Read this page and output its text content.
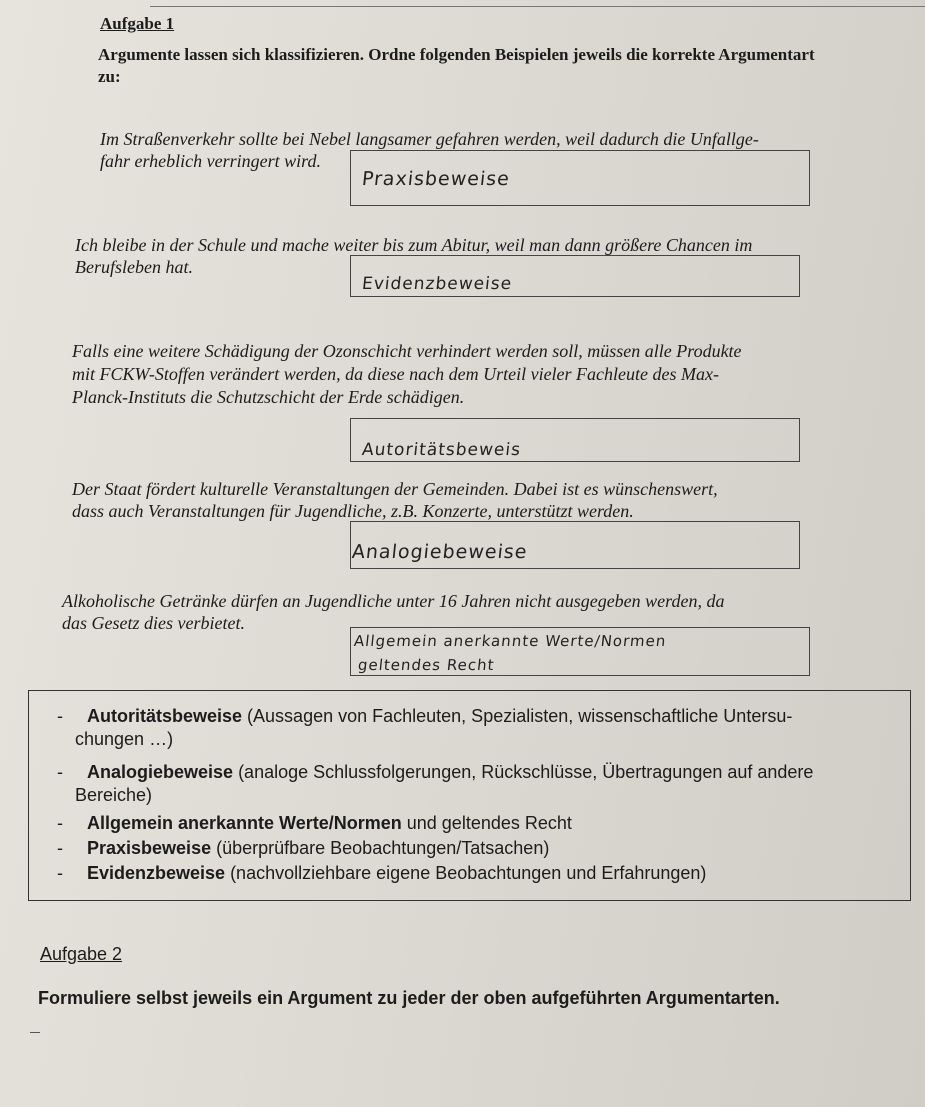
Aufgabe 1
Argumente lassen sich klassifizieren. Ordne folgenden Beispielen jeweils die korrekte Argumentart zu:
Im Straßenverkehr sollte bei Nebel langsamer gefahren werden, weil dadurch die Unfallge-
fahr erheblich verringert wird.
Praxisbeweise
Ich bleibe in der Schule und mache weiter bis zum Abitur, weil man dann größere Chancen im
Berufsleben hat.
Evidenzbeweise
Falls eine weitere Schädigung der Ozonschicht verhindert werden soll, müssen alle Produkte
mit FCKW-Stoffen verändert werden, da diese nach dem Urteil vieler Fachleute des Max-
Planck-Instituts die Schutzschicht der Erde schädigen.
Autoritätsbeweis
Der Staat fördert kulturelle Veranstaltungen der Gemeinden. Dabei ist es wünschenswert,
dass auch Veranstaltungen für Jugendliche, z.B. Konzerte, unterstützt werden.
Analogiebeweise
Alkoholische Getränke dürfen an Jugendliche unter 16 Jahren nicht ausgegeben werden, da
das Gesetz dies verbietet.
Allgemein anerkannte Werte/Normen
geltendes Recht
- Autoritätsbeweise (Aussagen von Fachleuten, Spezialisten, wissenschaftliche Untersu-
chungen …)
- Analogiebeweise (analoge Schlussfolgerungen, Rückschlüsse, Übertragungen auf andere
Bereiche)
- Allgemein anerkannte Werte/Normen und geltendes Recht
- Praxisbeweise (überprüfbare Beobachtungen/Tatsachen)
- Evidenzbeweise (nachvollziehbare eigene Beobachtungen und Erfahrungen)
Aufgabe 2
Formuliere selbst jeweils ein Argument zu jeder der oben aufgeführten Argumentarten.
